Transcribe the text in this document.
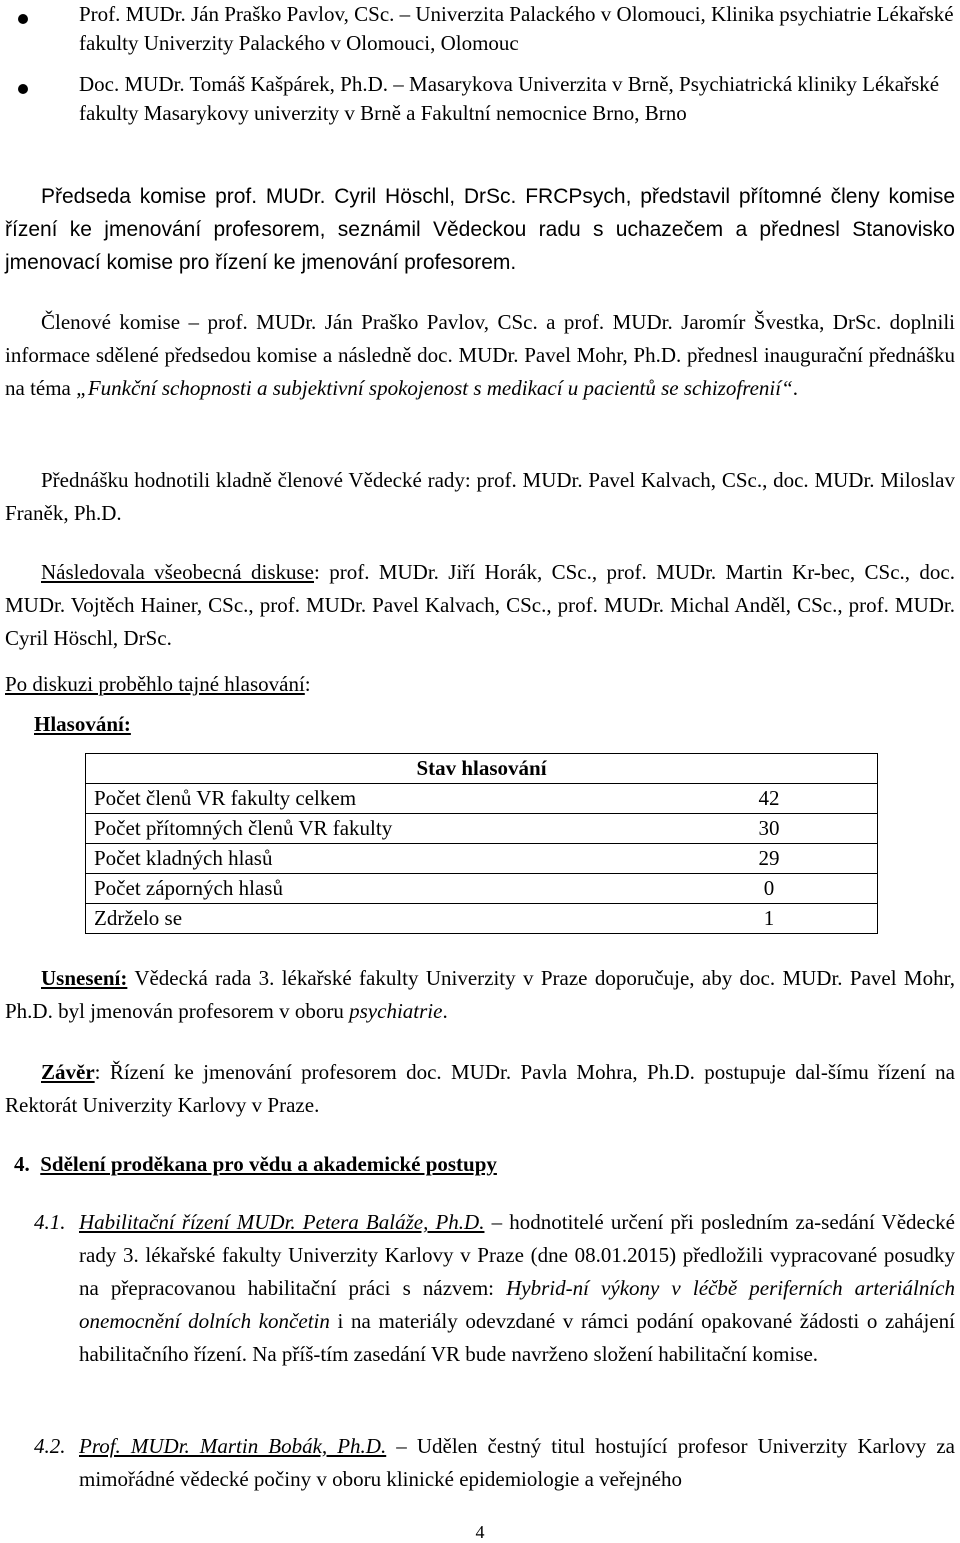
Prof. MUDr. Ján Praško Pavlov, CSc. – Univerzita Palackého v Olomouci, Klinika psychiatrie Lékařské fakulty Univerzity Palackého v Olomouci, Olomouc

Doc. MUDr. Tomáš Kašpárek, Ph.D. – Masarykova Univerzita v Brně, Psychiatrická kliniky Lékařské fakulty Masarykovy univerzity v Brně a Fakultní nemocnice Brno, Brno

Předseda komise prof. MUDr. Cyril Höschl, DrSc. FRCPsych, představil přítomné členy komise řízení ke jmenování profesorem, seznámil Vědeckou radu s uchazečem a přednesl Stanovisko jmenovací komise pro řízení ke jmenování profesorem.

Členové komise – prof. MUDr. Ján Praško Pavlov, CSc. a prof. MUDr. Jaromír Švestka, DrSc. doplnili informace sdělené předsedou komise a následně doc. MUDr. Pavel Mohr, Ph.D. přednesl inaugurační přednášku na téma „Funkční schopnosti a subjektivní spokojenost s medikací u pacientů se schizofrenií“.

Přednášku hodnotili kladně členové Vědecké rady: prof. MUDr. Pavel Kalvach, CSc., doc. MUDr. Miloslav Franěk, Ph.D.

Následovala všeobecná diskuse: prof. MUDr. Jiří Horák, CSc., prof. MUDr. Martin Kr-bec, CSc., doc. MUDr. Vojtěch Hainer, CSc., prof. MUDr. Pavel Kalvach, CSc., prof. MUDr. Michal Anděl, CSc., prof. MUDr. Cyril Höschl, DrSc.

Po diskuzi proběhlo tajné hlasování:

Hlasování:

Stav hlasování	
Počet členů VR fakulty celkem	42
Počet přítomných členů VR fakulty	30
Počet kladných hlasů	29
Počet záporných hlasů	0
Zdrželo se	1

Usnesení: Vědecká rada 3. lékařské fakulty Univerzity v Praze doporučuje, aby doc. MUDr. Pavel Mohr, Ph.D. byl jmenován profesorem v oboru psychiatrie.

Závěr: Řízení ke jmenování profesorem doc. MUDr. Pavla Mohra, Ph.D. postupuje dal-šímu řízení na Rektorát Univerzity Karlovy v Praze.

4. Sdělení proděkana pro vědu a akademické postupy

4.1. Habilitační řízení MUDr. Petera Baláže, Ph.D. – hodnotitelé určení při posledním za-sedání Vědecké rady 3. lékařské fakulty Univerzity Karlovy v Praze (dne 08.01.2015) předložili vypracované posudky na přepracovanou habilitační práci s názvem: Hybrid-ní výkony v léčbě periferních arteriálních onemocnění dolních končetin i na materiály odevzdané v rámci podání opakované žádosti o zahájení habilitačního řízení. Na příš-tím zasedání VR bude navrženo složení habilitační komise.

4.2. Prof. MUDr. Martin Bobák, Ph.D. – Udělen čestný titul hostující profesor Univerzity Karlovy za mimořádné vědecké počiny v oboru klinické epidemiologie a veřejného

4
